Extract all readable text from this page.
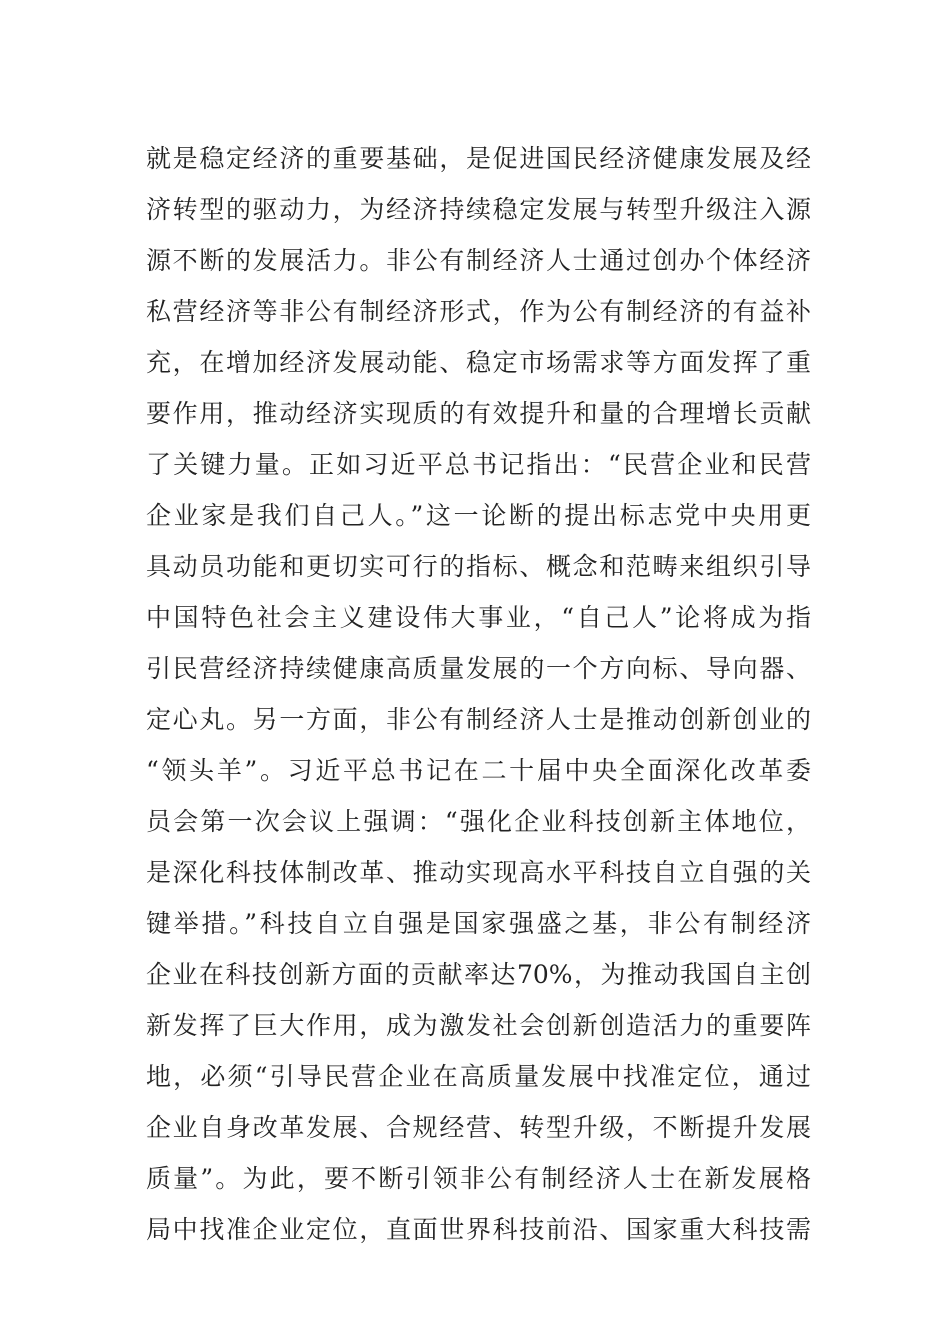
就是稳定经济的重要基础，是促进国民经济健康发展及经
济转型的驱动力，为经济持续稳定发展与转型升级注入源
源不断的发展活力。非公有制经济人士通过创办个体经济
私营经济等非公有制经济形式，作为公有制经济的有益补
充，在增加经济发展动能、稳定市场需求等方面发挥了重
要作用，推动经济实现质的有效提升和量的合理增长贡献
了关键力量。正如习近平总书记指出：“民营企业和民营
企业家是我们自己人。”这一论断的提出标志党中央用更
具动员功能和更切实可行的指标、概念和范畴来组织引导
中国特色社会主义建设伟大事业，“自己人”论将成为指
引民营经济持续健康高质量发展的一个方向标、导向器、
定心丸。另一方面，非公有制经济人士是推动创新创业的
“领头羊”。习近平总书记在二十届中央全面深化改革委
员会第一次会议上强调：“强化企业科技创新主体地位，
是深化科技体制改革、推动实现高水平科技自立自强的关
键举措。”科技自立自强是国家强盛之基，非公有制经济
企业在科技创新方面的贡献率达70%，为推动我国自主创
新发挥了巨大作用，成为激发社会创新创造活力的重要阵
地，必须“引导民营企业在高质量发展中找准定位，通过
企业自身改革发展、合规经营、转型升级，不断提升发展
质量”。为此，要不断引领非公有制经济人士在新发展格
局中找准企业定位，直面世界科技前沿、国家重大科技需
